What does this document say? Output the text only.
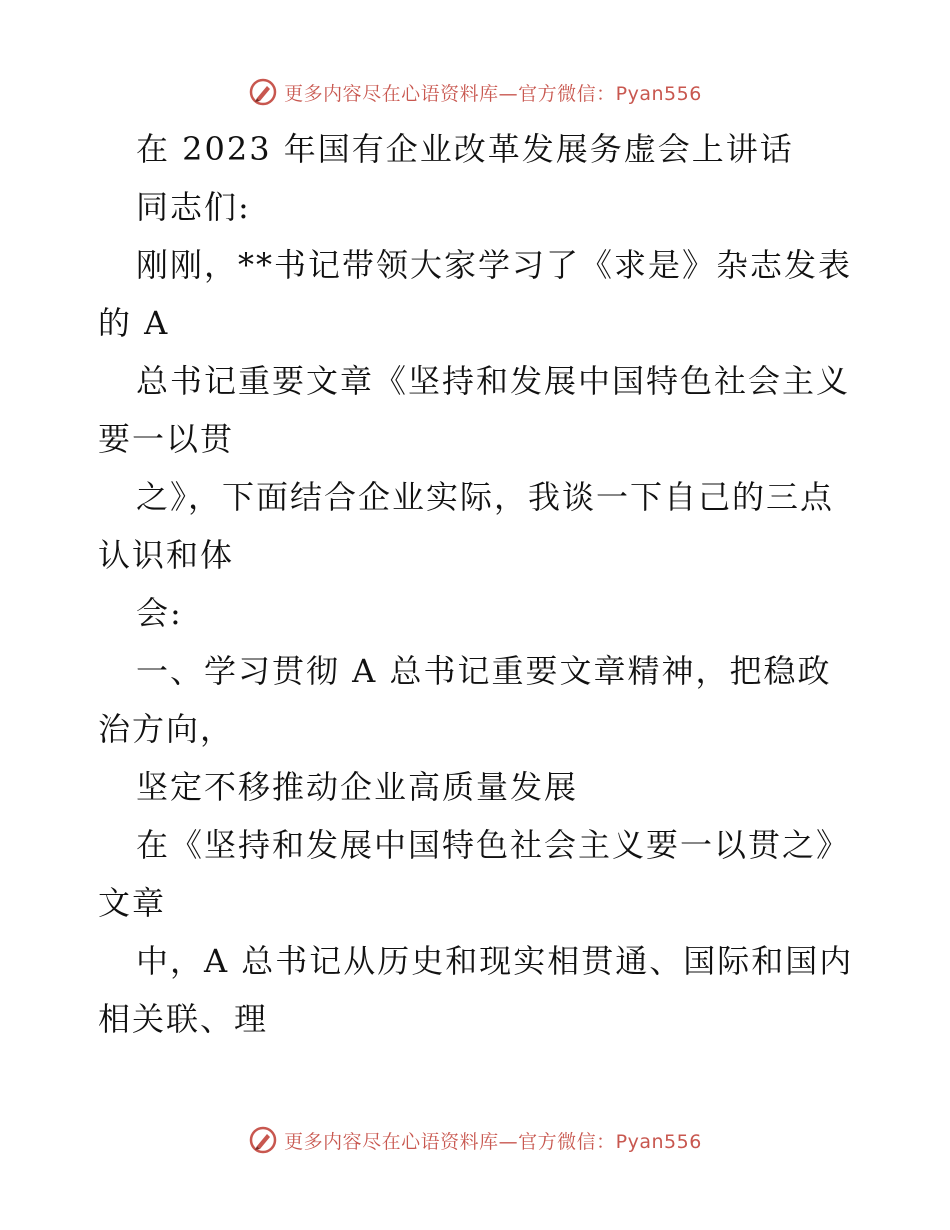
更多内容尽在心语资料库—官方微信：Pyan556
在 2023 年国有企业改革发展务虚会上讲话
同志们:
刚刚，**书记带领大家学习了《求是》杂志发表
的 A
总书记重要文章《坚持和发展中国特色社会主义
要一以贯
之》，下面结合企业实际，我谈一下自己的三点
认识和体
会:
一、学习贯彻 A 总书记重要文章精神，把稳政
治方向，
坚定不移推动企业高质量发展
在《坚持和发展中国特色社会主义要一以贯之》
文章
中，A 总书记从历史和现实相贯通、国际和国内
相关联、理
更多内容尽在心语资料库—官方微信：Pyan556
